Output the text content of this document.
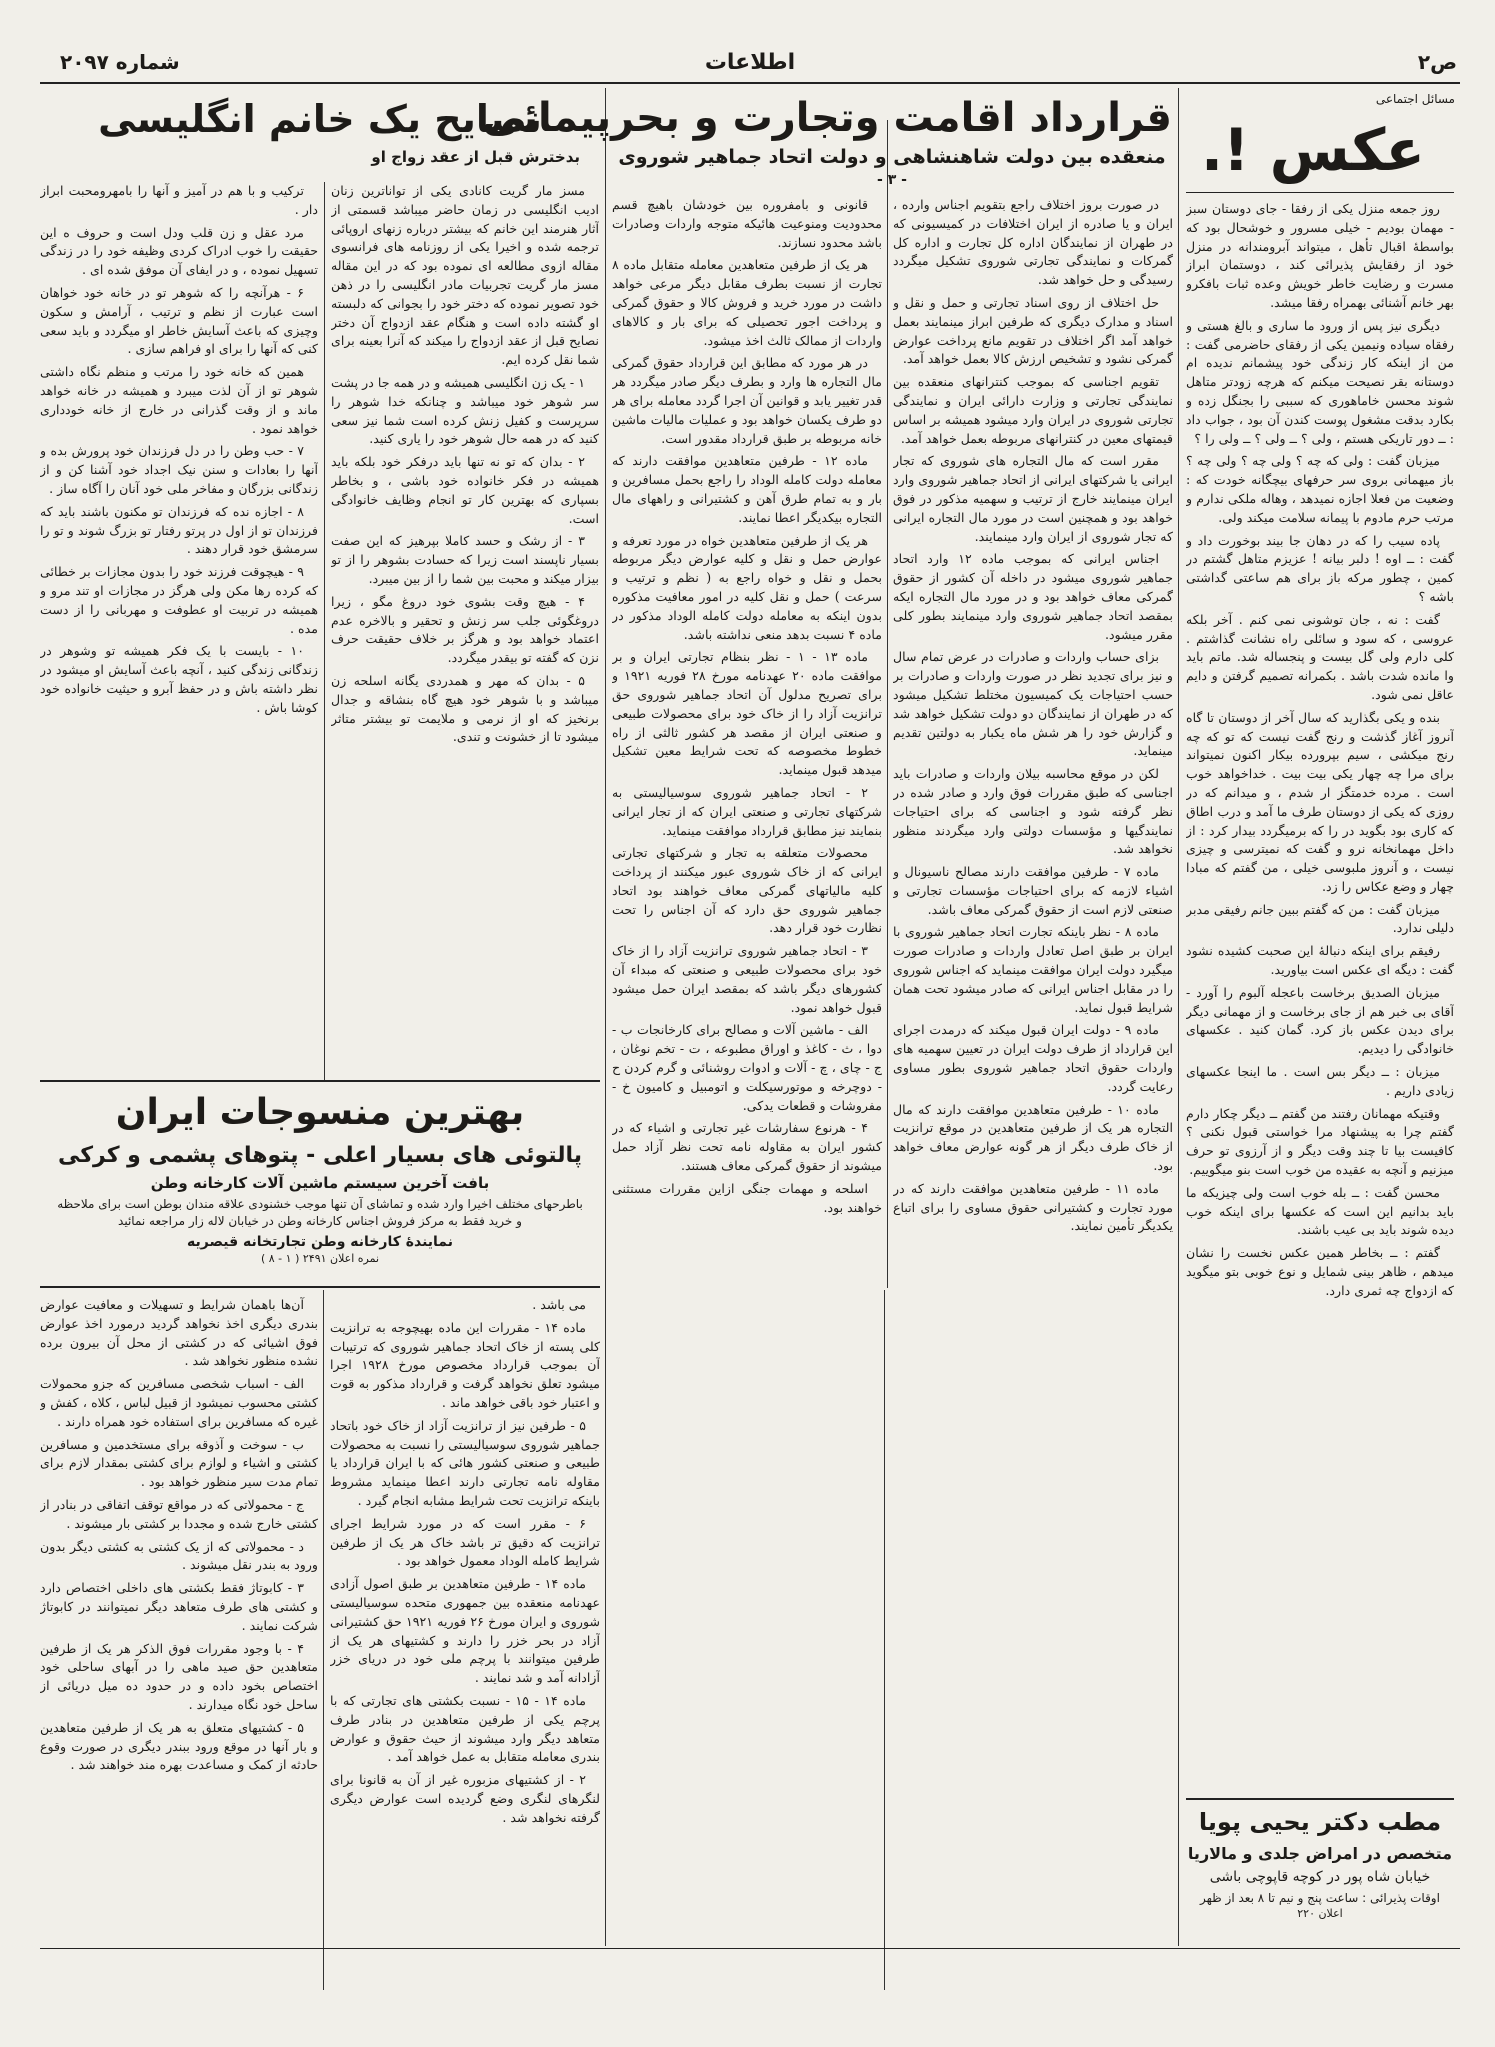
ص۲
اطلاعات
شماره ۲۰۹۷
مسائل اجتماعی
عکس !.

روز جمعه منزل یکی از رفقا - جای دوستان سبز - مهمان بودیم - خیلی مسرور و خوشحال بود که بواسطهٔ اقبال تأهل ، میتواند آبرومندانه در منزل خود از رفقایش پذیرائی کند ، دوستمان ابراز مسرت و رضایت خاطر خویش وعده ثبات بافکرو بهر خانم آشنائی بهمراه رفقا میشد.

دیگری نیز پس از ورود ما ساری و بالغ هستی و رفقاه سیاده ونیمین یکی از رفقای حاضرمی گفت : من از اینکه کار زندگی خود پیشمانم ندیده ام دوستانه بقر نصیحت میکنم که هرچه زودتر متاهل شوند محسن خاماهوری که سببی را بجنگل زده و بکارد بدقت مشغول پوست کندن آن بود ، جواب داد : ــ دور تاریکی هستم ، ولی ؟ ــ ولی ؟ ــ ولی را ؟

میزبان گفت : ولی که چه ؟ ولی چه ؟ ولی چه ؟ باز میهمانی بروی سر حرفهای بیچگانه خودت که : وضعیت من فعلا اجازه نمیدهد ، وهاله ملکی ندارم و مرتب حرم مادوم با پیمانه سلامت میکند ولی.

پاده سیب را که در دهان جا بیند بوخورت داد و گفت : ــ اوه ! دلبر بیانه ! عزیزم متاهل گشتم در کمین ، چطور مرکه باز برای هم ساعتی گداشتی باشه ؟

گفت : نه ، جان توشونی نمی کنم . آخر بلکه عروسی ، که سود و سائلی راه نشانت گذاشتم . کلی دارم ولی گل بیست و پنجساله شد. ماتم باید وا مانده شدت باشد . بکمرانه تصمیم گرفتن و دایم عاقل نمی شود.

بنده و یکی بگذارید که سال آخر از دوستان تا گاه آنروز آغاز گذشت و رنج گفت نیست که تو که چه رنج میکشی ، سیم بپرورده بیکار اکنون نمیتواند برای مرا چه چهار یکی بیت بیت . خداخواهد خوب است . مرده خدمتگز ار شدم ، و میدانم که در روزی که یکی از دوستان طرف ما آمد و درب اطاق که کاری بود بگوید در را که برمیگردد بیدار کرد : از داخل مهمانخانه نرو و گفت که نمیترسی و چیزی نیست ، و آنروز ملبوسی خیلی ، من گفتم که مبادا چهار و وضع عکاس را زد.

میزبان گفت : من که گفتم ببین جانم رفیقی مدبر دلیلی ندارد.

رفیقم برای اینکه دنبالهٔ این صحبت کشیده نشود گفت : دیگه ای عکس است بیاورید.

میزبان الصدیق برخاست باعجله آلبوم را آورد - آقای بی خبر هم از جای برخاست و از مهمانی دیگر برای دیدن عکس باز کرد. گمان کنید . عکسهای خانوادگی را دیدیم.

میزبان : ــ دیگر بس است . ما اینجا عکسهای زیادی داریم .

وقتیکه مهمانان رفتند من گفتم ــ دیگر چکار دارم گفتم چرا به پیشنهاد مرا خواستی قبول نکنی ؟ کافیست بیا تا چند وقت دیگر و از آرزوی تو حرف میزنیم و آنچه به عقیده من خوب است بنو میگوییم.

محسن گفت : ــ بله خوب است ولی چیزیکه ما باید بدانیم این است که عکسها برای اینکه خوب دیده شوند باید بی عیب باشند.

گفتم : ــ بخاطر همین عکس نخست را نشان میدهم ، ظاهر بینی شمایل و نوع خوبی بتو میگوید که ازدواج چه ثمری دارد.

مطب دکتر یحیی پویا
متخصص در امراض جلدی و مالاریا
خیابان شاه پور در کوچه قاپوچی باشی
اوقات پذیرائی : ساعت پنج و نیم تا ۸ بعد از ظهر
اعلان ۲۲۰
قرارداد اقامت وتجارت و بحرپیمائی
منعقده بین دولت شاهنشاهی و دولت اتحاد جماهیر شوروی
- ۳ -

در صورت بروز اختلاف راجع بتقویم اجناس وارده ، ایران و یا صادره از ایران اختلافات در کمیسیونی که در طهران از نمایندگان اداره کل تجارت و اداره کل گمرکات و نمایندگی تجارتی شوروی تشکیل میگردد رسیدگی و حل خواهد شد.

حل اختلاف از روی اسناد تجارتی و حمل و نقل و اسناد و مدارک دیگری که طرفین ابراز مینمایند بعمل خواهد آمد اگر اختلاف در تقویم مانع پرداخت عوارض گمرکی نشود و تشخیص ارزش کالا بعمل خواهد آمد.

تقویم اجناسی که بموجب کنترانهای منعقده بین نمایندگی تجارتی و وزارت دارائی ایران و نمایندگی تجارتی شوروی در ایران وارد میشود همیشه بر اساس قیمتهای معین در کنترانهای مربوطه بعمل خواهد آمد.

مقرر است که مال التجاره های شوروی که تجار ایرانی یا شرکتهای ایرانی از اتحاد جماهیر شوروی وارد ایران مینمایند خارج از ترتیب و سهمیه مذکور در فوق خواهد بود و همچنین است در مورد مال التجاره ایرانی که تجار شوروی از ایران وارد مینمایند.

اجناس ایرانی که بموجب ماده ۱۲ وارد اتحاد جماهیر شوروی میشود در داخله آن کشور از حقوق گمرکی معاف خواهد بود و در مورد مال التجاره ایکه بمقصد اتحاد جماهیر شوروی وارد مینمایند بطور کلی مقرر میشود.

بزای حساب واردات و صادرات در عرض تمام سال و نیز برای تجدید نظر در صورت واردات و صادرات بر حسب احتیاجات یک کمیسیون مختلط تشکیل میشود که در طهران از نمایندگان دو دولت تشکیل خواهد شد و گزارش خود را هر شش ماه یکبار به دولتین تقدیم مینماید.

لکن در موقع محاسبه بیلان واردات و صادرات باید اجناسی که طبق مقررات فوق وارد و صادر شده در نظر گرفته شود و اجناسی که برای احتیاجات نمایندگیها و مؤسسات دولتی وارد میگردند منظور نخواهد شد.

ماده ۷ - طرفین موافقت دارند مصالح ناسیونال و اشیاء لازمه که برای احتیاجات مؤسسات تجارتی و صنعتی لازم است از حقوق گمرکی معاف باشد.

ماده ۸ - نظر باینکه تجارت اتحاد جماهیر شوروی با ایران بر طبق اصل تعادل واردات و صادرات صورت میگیرد دولت ایران موافقت مینماید که اجناس شوروی را در مقابل اجناس ایرانی که صادر میشود تحت همان شرایط قبول نماید.

ماده ۹ - دولت ایران قبول میکند که درمدت اجرای این قرارداد از طرف دولت ایران در تعیین سهمیه های واردات حقوق اتحاد جماهیر شوروی بطور مساوی رعایت گردد.

ماده ۱۰ - طرفین متعاهدین موافقت دارند که مال التجاره هر یک از طرفین متعاهدین در موقع ترانزیت از خاک طرف دیگر از هر گونه عوارض معاف خواهد بود.

ماده ۱۱ - طرفین متعاهدین موافقت دارند که در مورد تجارت و کشتیرانی حقوق مساوی را برای اتباع یکدیگر تأمین نمایند.

قانونی و بامفروره بین خودشان باهیچ قسم محدودیت ومنوعیت هائیکه متوجه واردات وصادرات باشد محدود نسازند.

هر یک از طرفین متعاهدین معامله متقابل ماده ۸ تجارت از نسبت بطرف مقابل دیگر مرعی خواهد داشت در مورد خرید و فروش کالا و حقوق گمرکی و پرداخت اجور تحصیلی که برای بار و کالاهای واردات از ممالک ثالث اخذ میشود.

در هر مورد که مطابق این قرارداد حقوق گمرکی مال التجاره ها وارد و بطرف دیگر صادر میگردد هر قدر تغییر یابد و قوانین آن اجرا گردد معامله برای هر دو طرف یکسان خواهد بود و عملیات مالیات ماشین خانه مربوطه بر طبق قرارداد مقدور است.

ماده ۱۲ - طرفین متعاهدین موافقت دارند که معامله دولت کامله الوداد را راجع بحمل مسافرین و بار و به تمام طرق آهن و کشتیرانی و راههای مال التجاره بیکدیگر اعطا نمایند.

هر یک از طرفین متعاهدین خواه در مورد تعرفه و عوارض حمل و نقل و کلیه عوارض دیگر مربوطه بحمل و نقل و خواه راجع به ( نظم و ترتیب و سرعت ) حمل و نقل کلیه در امور معافیت مذکوره بدون اینکه به معامله دولت کامله الوداد مذکور در ماده ۴ نسبت بدهد منعی نداشته باشد.

ماده ۱۳ - ۱ - نظر بنظام تجارتی ایران و بر موافقت ماده ۲۰ عهدنامه مورخ ۲۸ فوریه ۱۹۲۱ و برای تصریح مدلول آن اتحاد جماهیر شوروی حق ترانزیت آزاد را از خاک خود برای محصولات طبیعی و صنعتی ایران از مقصد هر کشور ثالثی از راه خطوط مخصوصه که تحت شرایط معین تشکیل میدهد قبول مینماید.

۲ - اتحاد جماهیر شوروی سوسیالیستی به شرکتهای تجارتی و صنعتی ایران که از تجار ایرانی بنمایند نیز مطابق قرارداد موافقت مینماید.

محصولات متعلقه به تجار و شرکتهای تجارتی ایرانی که از خاک شوروی عبور میکنند از پرداخت کلیه مالیاتهای گمرکی معاف خواهند بود اتحاد جماهیر شوروی حق دارد که آن اجناس را تحت نظارت خود قرار دهد.

۳ - اتحاد جماهیر شوروی ترانزیت آزاد را از خاک خود برای محصولات طبیعی و صنعتی که مبداء آن کشورهای دیگر باشد که بمقصد ایران حمل میشود قبول خواهد نمود.

الف - ماشین آلات و مصالح برای کارخانجات ب - دوا ، ث - کاغذ و اوراق مطبوعه ، ت - تخم نوغان ، ج - چای ، چ - آلات و ادوات روشنائی و گرم کردن ح - دوچرخه و موتورسیکلت و اتومبیل و کامیون خ - مفروشات و قطعات یدکی.

۴ - هرنوع سفارشات غیر تجارتی و اشیاء که در کشور ایران به مقاوله نامه تحت نظر آزاد حمل میشوند از حقوق گمرکی معاف هستند.

اسلحه و مهمات جنگی ازاین مقررات مستثنی خواهند بود.

نصایح یک خانم انگلیسی
بدخترش قبل از عقد زواج او

مسز مار گریت کانادی یکی از تواناترین زنان ادیب انگلیسی در زمان حاضر میباشد قسمتی از آثار هنرمند این خانم که بیشتر درباره زنهای اروپائی ترجمه شده و اخیرا یکی از روزنامه های فرانسوی مقاله ازوی مطالعه ای نموده بود که در این مقاله مسز مار گریت تجربیات مادر انگلیسی را در ذهن خود تصویر نموده که دختر خود را بجوانی که دلبسته او گشته داده است و هنگام عقد ازدواج آن دختر نصایح قبل از عقد ازدواج را میکند که آنرا بعینه برای شما نقل کرده ایم.

۱ - یک زن انگلیسی همیشه و در همه جا در پشت سر شوهر خود میباشد و چنانکه خدا شوهر را سرپرست و کفیل زنش کرده است شما نیز سعی کنید که در همه حال شوهر خود را یاری کنید.

۲ - بدان که تو نه تنها باید درفکر خود بلکه باید همیشه در فکر خانواده خود باشی ، و بخاطر بسپاری که بهترین کار تو انجام وظایف خانوادگی است.

۳ - از رشک و حسد کاملا بپرهیز که این صفت بسیار ناپسند است زیرا که حسادت بشوهر را از تو بیزار میکند و محبت بین شما را از بین میبرد.

۴ - هیچ وقت بشوی خود دروغ مگو ، زیرا دروغگوئی جلب سر زنش و تحقیر و بالاخره عدم اعتماد خواهد بود و هرگز بر خلاف حقیقت حرف نزن که گفته تو بیقدر میگردد.

۵ - بدان که مهر و همدردی یگانه اسلحه زن میباشد و با شوهر خود هیچ گاه بنشاقه و جدال برنخیز که او از نرمی و ملایمت تو بیشتر متاثر میشود تا از خشونت و تندی.

ترکیب و با هم در آمیز و آنها را بامهرومحبت ابراز دار .

مرد عقل و زن قلب ودل است و حروف ه این حقیقت را خوب ادراک کردی وظیفه خود را در زندگی تسهیل نموده ، و در ایفای آن موفق شده ای .

۶ - هرآنچه را که شوهر تو در خانه خود خواهان است عبارت از نظم و ترتیب ، آرامش و سکون وچیزی که باعث آسایش خاطر او میگردد و باید سعی کنی که آنها را برای او فراهم سازی .

همین که خانه خود را مرتب و منظم نگاه داشتی شوهر تو از آن لذت میبرد و همیشه در خانه خواهد ماند و از وقت گذرانی در خارج از خانه خودداری خواهد نمود .

۷ - حب وطن را در دل فرزندان خود پرورش بده و آنها را بعادات و سنن نیک اجداد خود آشنا کن و از زندگانی بزرگان و مفاخر ملی خود آنان را آگاه ساز .

۸ - اجازه نده که فرزندان تو مکنون باشند باید که فرزندان تو از اول در پرتو رفتار تو بزرگ شوند و تو را سرمشق خود قرار دهند .

۹ - هیچوقت فرزند خود را بدون مجازات بر خطائی که کرده رها مکن ولی هرگز در مجازات او تند مرو و همیشه در تربیت او عطوفت و مهربانی را از دست مده .

۱۰ - بایست با یک فکر همیشه تو وشوهر در زندگانی زندگی کنید ، آنچه باعث آسایش او میشود در نظر داشته باش و در حفظ آبرو و حیثیت خانواده خود کوشا باش .

بهترین منسوجات ایران
پالتوئی های بسیار اعلی - پتوهای پشمی و کرکی
بافت آخرین سیستم ماشین آلات کارخانه وطن
باطرحهای مختلف اخیرا وارد شده و تماشای آن تنها موجب خشنودی علاقه مندان بوطن است برای ملاحظه و خرید فقط به مرکز فروش اجناس کارخانه وطن در خیابان لاله زار مراجعه نمائید
نمایندهٔ کارخانه وطن تجارتخانه قیصریه
نمره اعلان ۲۴۹۱ ( ۱ - ۸ )

می باشد .

ماده ۱۴ - مقررات این ماده بهیچوجه به ترانزیت کلی پسته از خاک اتحاد جماهیر شوروی که ترتیبات آن بموجب قرارداد مخصوص مورخ ۱۹۲۸ اجرا میشود تعلق نخواهد گرفت و قرارداد مذکور به قوت و اعتبار خود باقی خواهد ماند .

۵ - طرفین نیز از ترانزیت آزاد از خاک خود باتحاد جماهیر شوروی سوسیالیستی را نسبت به محصولات طبیعی و صنعتی کشور هائی که با ایران قرارداد یا مقاوله نامه تجارتی دارند اعطا مینماید مشروط باینکه ترانزیت تحت شرایط مشابه انجام گیرد .

۶ - مقرر است که در مورد شرایط اجرای ترانزیت که دقیق تر باشد خاک هر یک از طرفین شرایط کامله الوداد معمول خواهد بود .

ماده ۱۴ - طرفین متعاهدین بر طبق اصول آزادی عهدنامه منعقده بین جمهوری متحده سوسیالیستی شوروی و ایران مورخ ۲۶ فوریه ۱۹۲۱ حق کشتیرانی آزاد در بحر خزر را دارند و کشتیهای هر یک از طرفین میتوانند با پرچم ملی خود در دریای خزر آزادانه آمد و شد نمایند .

ماده ۱۴ - ۱۵ - نسبت بکشتی های تجارتی که با پرچم یکی از طرفین متعاهدین در بنادر طرف متعاهد دیگر وارد میشوند از حیث حقوق و عوارض بندری معامله متقابل به عمل خواهد آمد .

۲ - از کشتیهای مزبوره غیر از آن به قانونا برای لنگرهای لنگری وضع گردیده است عوارض دیگری گرفته نخواهد شد .

آن‌ها باهمان شرایط و تسهیلات و معافیت عوارض بندری دیگری اخذ نخواهد گردید درمورد اخذ عوارض فوق اشیائی که در کشتی از محل آن بیرون برده نشده منظور نخواهد شد .

الف - اسباب شخصی مسافرین که جزو محمولات کشتی محسوب نمیشود از قبیل لباس ، کلاه ، کفش و غیره که مسافرین برای استفاده خود همراه دارند .

ب - سوخت و آذوقه برای مستخدمین و مسافرین کشتی و اشیاء و لوازم برای کشتی بمقدار لازم برای تمام مدت سیر منظور خواهد بود .

ج - محمولاتی که در مواقع توقف اتفاقی در بنادر از کشتی خارج شده و مجددا بر کشتی بار میشوند .

د - محمولاتی که از یک کشتی به کشتی دیگر بدون ورود به بندر نقل میشوند .

۳ - کابوتاژ فقط بکشتی های داخلی اختصاص دارد و کشتی های طرف متعاهد دیگر نمیتوانند در کابوتاژ شرکت نمایند .

۴ - با وجود مقررات فوق الذکر هر یک از طرفین متعاهدین حق صید ماهی را در آبهای ساحلی خود اختصاص بخود داده و در حدود ده میل دریائی از ساحل خود نگاه میدارند .

۵ - کشتیهای متعلق به هر یک از طرفین متعاهدین و بار آنها در موقع ورود ببندر دیگری در صورت وقوع حادثه از کمک و مساعدت بهره مند خواهند شد .
